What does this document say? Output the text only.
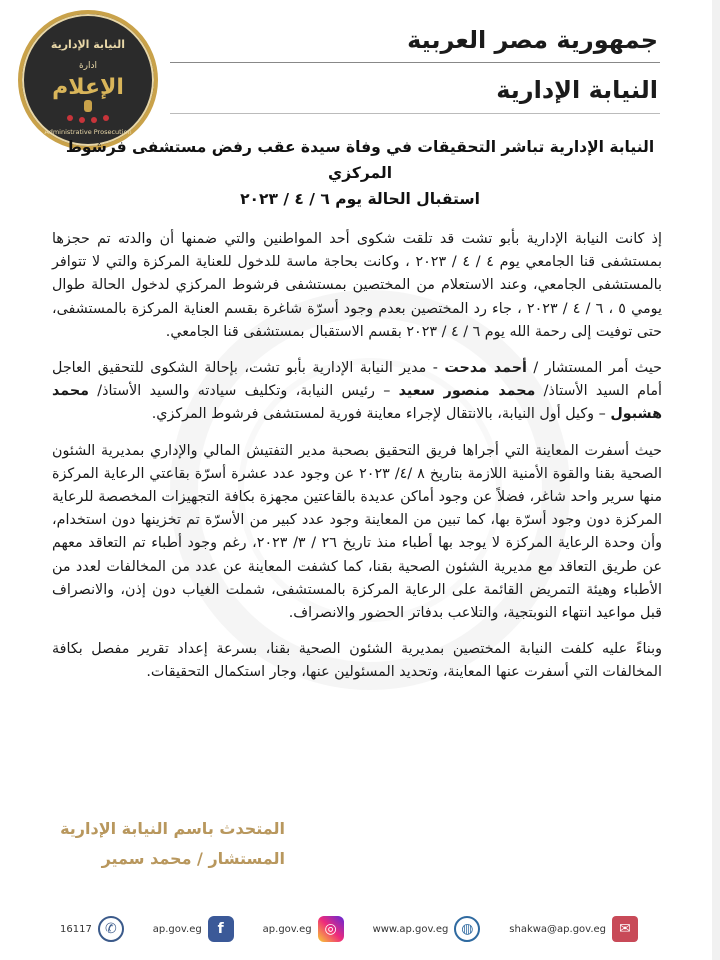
النيابة الإدارية
ادارة
الإعلام
Administrative Prosecution
جمهورية مصر العربية
النيابة الإدارية
النيابة الإدارية تباشر التحقيقات في وفاة سيدة عقب رفض مستشفى فرشوط المركزي
استقبال الحالة يوم ٦ / ٤ / ٢٠٢٣

إذ كانت النيابة الإدارية بأبو تشت قد تلقت شكوى أحد المواطنين والتي ضمنها أن والدته تم حجزها بمستشفى قنا الجامعي يوم ٤ / ٤ / ٢٠٢٣ ، وكانت بحاجة ماسة للدخول للعناية المركزة والتي لا تتوافر بالمستشفى الجامعي، وعند الاستعلام من المختصين بمستشفى فرشوط المركزي لدخول الحالة طوال يومي ٥ ، ٦ / ٤ / ٢٠٢٣ ، جاء رد المختصين بعدم وجود أسرّة شاغرة بقسم العناية المركزة بالمستشفى، حتى توفيت إلى رحمة الله يوم ٦ / ٤ / ٢٠٢٣ بقسم الاستقبال بمستشفى قنا الجامعي.

حيث أمر المستشار / أحمد مدحت - مدير النيابة الإدارية بأبو تشت، بإحالة الشكوى للتحقيق العاجل أمام السيد الأستاذ/ محمد منصور سعيد – رئيس النيابة، وتكليف سيادته والسيد الأستاذ/ محمد هشبول – وكيل أول النيابة، بالانتقال لإجراء معاينة فورية لمستشفى فرشوط المركزي.

حيث أسفرت المعاينة التي أجراها فريق التحقيق بصحبة مدير التفتيش المالي والإداري بمديرية الشئون الصحية بقنا والقوة الأمنية اللازمة بتاريخ ٨ /٤/ ٢٠٢٣ عن وجود عدد عشرة أسرّة بقاعتي الرعاية المركزة منها سرير واحد شاغر، فضلاً عن وجود أماكن عديدة بالقاعتين مجهزة بكافة التجهيزات المخصصة للرعاية المركزة دون وجود أسرّة بها، كما تبين من المعاينة وجود عدد كبير من الأسرّة تم تخزينها دون استخدام، وأن وحدة الرعاية المركزة لا يوجد بها أطباء منذ تاريخ ٢٦ / ٣/ ٢٠٢٣، رغم وجود أطباء تم التعاقد معهم عن طريق التعاقد مع مديرية الشئون الصحية بقنا، كما كشفت المعاينة عن عدد من المخالفات لعدد من الأطباء وهيئة التمريض القائمة على الرعاية المركزة بالمستشفى، شملت الغياب دون إذن، والانصراف قبل مواعيد انتهاء النوبتجية، والتلاعب بدفاتر الحضور والانصراف.

وبناءً عليه كلفت النيابة المختصين بمديرية الشئون الصحية بقنا، بسرعة إعداد تقرير مفصل بكافة المخالفات التي أسفرت عنها المعاينة، وتحديد المسئولين عنها، وجار استكمال التحقيقات.

المتحدث باسم النيابة الإدارية
المستشار / محمد سمير
16117 ✆	ap.gov.eg	f	ap.gov.eg ◎	www.ap.gov.eg ◍	shakwa@ap.gov.eg ✉
